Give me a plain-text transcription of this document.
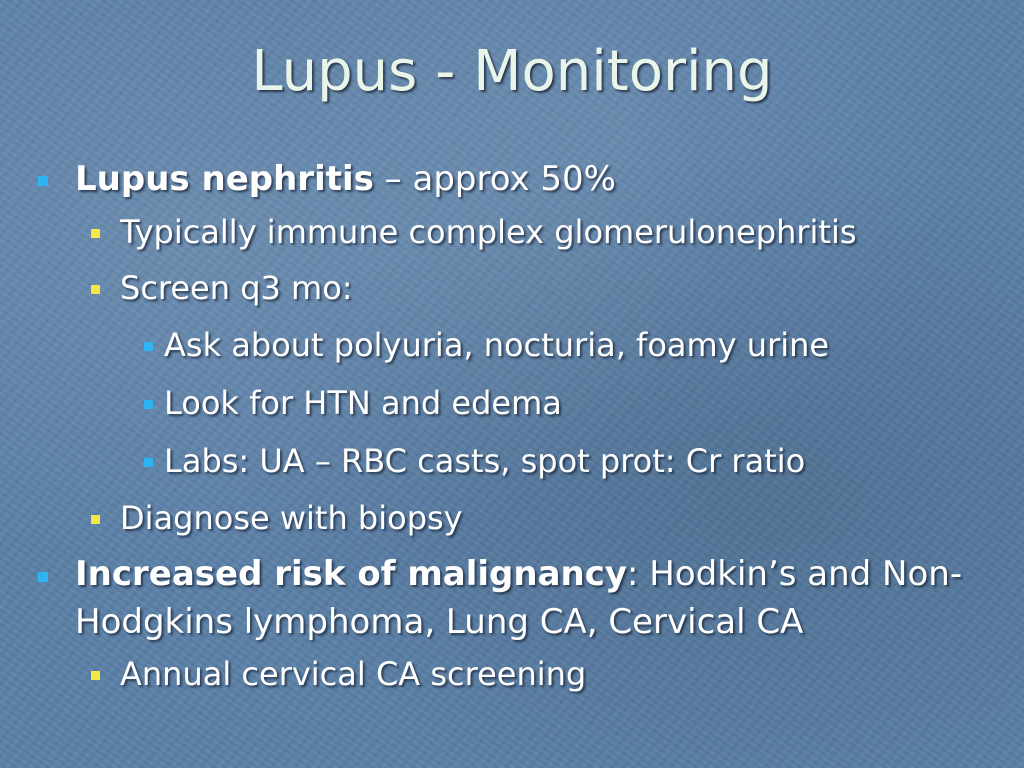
Lupus - Monitoring
Lupus nephritis – approx 50%
Typically immune complex glomerulonephritis
Screen q3 mo:
Ask about polyuria, nocturia, foamy urine
Look for HTN and edema
Labs: UA – RBC casts, spot prot: Cr ratio
Diagnose with biopsy
Increased risk of malignancy: Hodkin’s and Non-Hodgkins lymphoma, Lung CA, Cervical CA
Annual cervical CA screening
